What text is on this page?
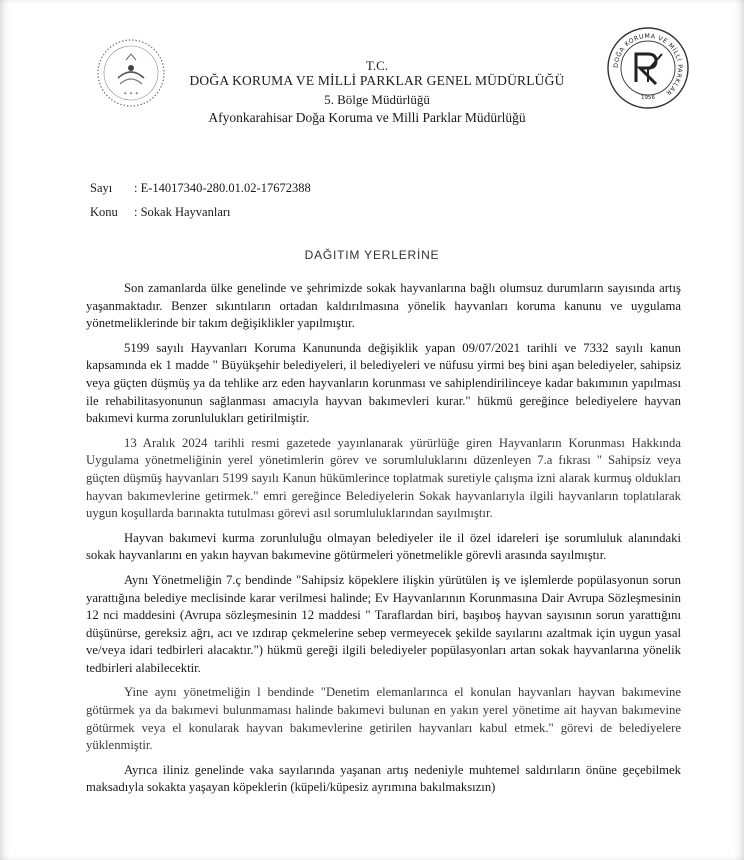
✦ ✦ ✦
DOĞA KORUMA VE MİLLİ PARKLAR
1956
T.C.
DOĞA KORUMA VE MİLLİ PARKLAR GENEL MÜDÜRLÜĞÜ
5. Bölge Müdürlüğü
Afyonkarahisar Doğa Koruma ve Milli Parklar Müdürlüğü
Sayı : E-14017340-280.01.02-17672388
Konu : Sokak Hayvanları
DAĞITIM YERLERİNE

Son zamanlarda ülke genelinde ve şehrimizde sokak hayvanlarına bağlı olumsuz durumların sayısında artış yaşanmaktadır. Benzer sıkıntıların ortadan kaldırılmasına yönelik hayvanları koruma kanunu ve uygulama yönetmeliklerinde bir takım değişiklikler yapılmıştır.

5199 sayılı Hayvanları Koruma Kanununda değişiklik yapan 09/07/2021 tarihli ve 7332 sayılı kanun kapsamında ek 1 madde " Büyükşehir belediyeleri, il belediyeleri ve nüfusu yirmi beş bini aşan belediyeler, sahipsiz veya güçten düşmüş ya da tehlike arz eden hayvanların korunması ve sahiplendirilinceye kadar bakımının yapılması ile rehabilitasyonunun sağlanması amacıyla hayvan bakımevleri kurar." hükmü gereğince belediyelere hayvan bakımevi kurma zorunlulukları getirilmiştir.

13 Aralık 2024 tarihli resmi gazetede yayınlanarak yürürlüğe giren Hayvanların Korunması Hakkında Uygulama yönetmeliğinin yerel yönetimlerin görev ve sorumluluklarını düzenleyen 7.a fıkrası " Sahipsiz veya güçten düşmüş hayvanları 5199 sayılı Kanun hükümlerince toplatmak suretiyle çalışma izni alarak kurmuş oldukları hayvan bakımevlerine getirmek." emri gereğince Belediyelerin Sokak hayvanlarıyla ilgili hayvanların toplatılarak uygun koşullarda barınakta tutulması görevi asıl sorumluluklarından sayılmıştır.

Hayvan bakımevi kurma zorunluluğu olmayan belediyeler ile il özel idareleri işe sorumluluk alanındaki sokak hayvanlarını en yakın hayvan bakımevine götürmeleri yönetmelikle görevli arasında sayılmıştır.

Aynı Yönetmeliğin 7.ç bendinde "Sahipsiz köpeklere ilişkin yürütülen iş ve işlemlerde popülasyonun sorun yarattığına belediye meclisinde karar verilmesi halinde; Ev Hayvanlarının Korunmasına Dair Avrupa Sözleşmesinin 12 nci maddesini (Avrupa sözleşmesinin 12 maddesi " Taraflardan biri, başıboş hayvan sayısının sorun yarattığını düşünürse, gereksiz ağrı, acı ve ızdırap çekmelerine sebep vermeyecek şekilde sayılarını azaltmak için uygun yasal ve/veya idari tedbirleri alacaktır.") hükmü gereği ilgili belediyeler popülasyonları artan sokak hayvanlarına yönelik tedbirleri alabilecektir.

Yine aynı yönetmeliğin l bendinde "Denetim elemanlarınca el konulan hayvanları hayvan bakımevine götürmek ya da bakımevi bulunmaması halinde bakımevi bulunan en yakın yerel yönetime ait hayvan bakımevine götürmek veya el konularak hayvan bakımevlerine getirilen hayvanları kabul etmek." görevi de belediyelere yüklenmiştir.

Ayrıca iliniz genelinde vaka sayılarında yaşanan artış nedeniyle muhtemel saldırıların önüne geçebilmek maksadıyla sokakta yaşayan köpeklerin (küpeli/küpesiz ayrımına bakılmaksızın)
